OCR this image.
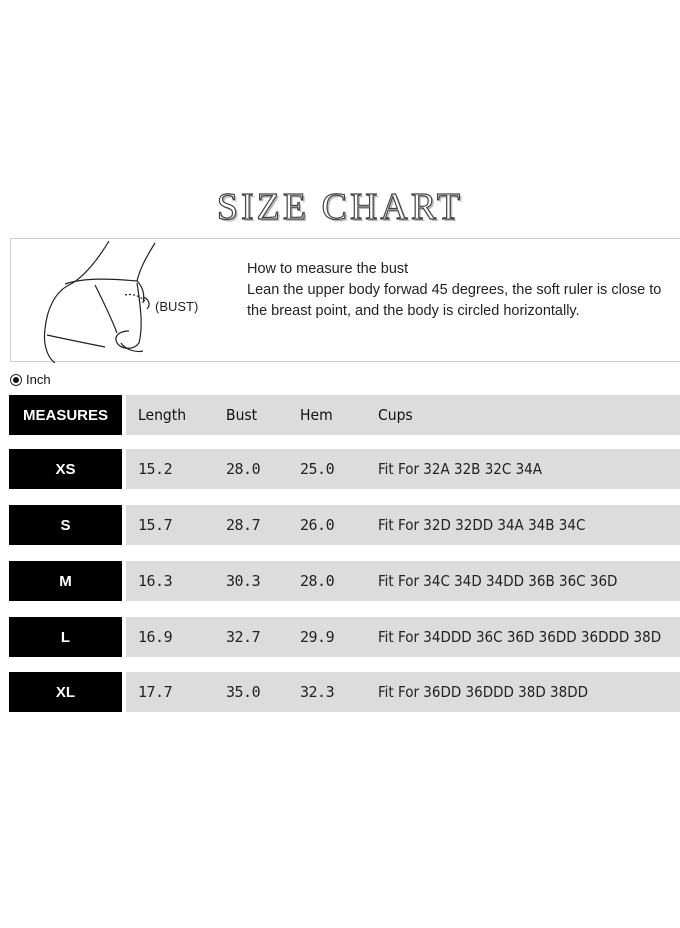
SIZE CHART
(BUST)
How to measure the bust
Lean the upper body forwad 45 degrees, the soft ruler is close to the breast point, and the body is circled horizontally.
Inch
MEASURES	Length	Bust	Hem	Cups
XS	15.2	28.0	25.0	Fit For 32A 32B 32C 34A
S	15.7	28.7	26.0	Fit For 32D 32DD 34A 34B 34C
M	16.3	30.3	28.0	Fit For 34C 34D 34DD 36B 36C 36D
L	16.9	32.7	29.9	Fit For 34DDD 36C 36D 36DD 36DDD 38D
XL	17.7	35.0	32.3	Fit For 36DD 36DDD 38D 38DD
